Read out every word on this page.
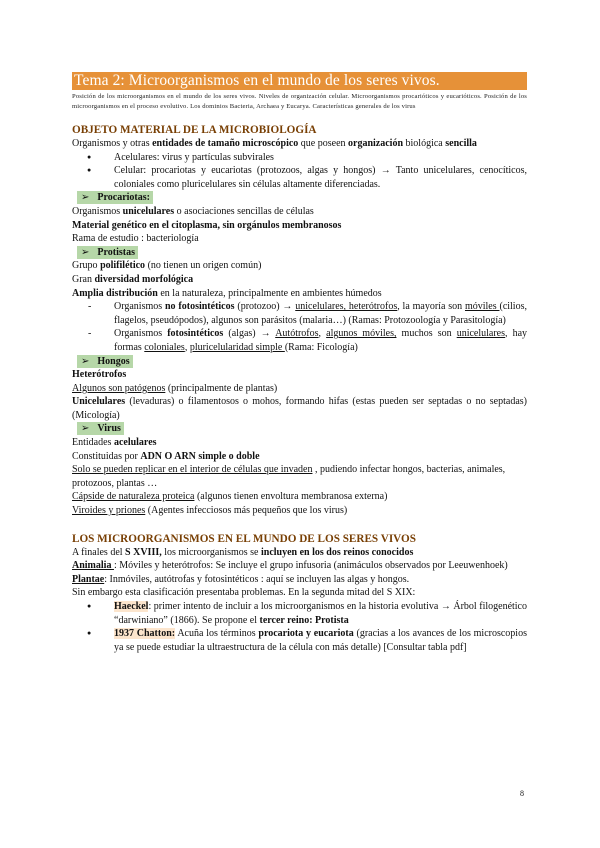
Tema 2: Microorganismos en el mundo de los seres vivos.
Posición de los microorganismos en el mundo de los seres vivos. Niveles de organización celular. Microorganismos procarióticos y eucarióticos. Posición de los microorganismos en el proceso evolutivo. Los dominios Bacteria, Archaea y Eucarya. Características generales de los virus
OBJETO MATERIAL DE LA MICROBIOLOGÍA
Organismos y otras entidades de tamaño microscópico que poseen organización biológica sencilla
● Acelulares: virus y partículas subvirales
● Celular: procariotas y eucariotas (protozoos, algas y hongos) → Tanto unicelulares, cenocíticos, coloniales como pluricelulares sin células altamente diferenciadas.
➢ Procariotas:
Organismos unicelulares o asociaciones sencillas de células
Material genético en el citoplasma, sin orgánulos membranosos
Rama de estudio : bacteriología
➢ Protistas
Grupo polifilético (no tienen un origen común)
Gran diversidad morfológica
Amplia distribución en la naturaleza, principalmente en ambientes húmedos
- Organismos no fotosintéticos (protozoo) → unicelulares, heterótrofos, la mayoría son móviles (cilios, flagelos, pseudópodos), algunos son parásitos (malaria…) (Ramas: Protozoología y Parasitología)
- Organismos fotosintéticos (algas) → Autótrofos, algunos móviles, muchos son unicelulares, hay formas coloniales, pluricelularidad simple (Rama: Ficología)
➢ Hongos
Heterótrofos
Algunos son patógenos (principalmente de plantas)
Unicelulares (levaduras) o filamentosos o mohos, formando hifas (estas pueden ser septadas o no septadas) (Micología)
➢ Virus
Entidades acelulares
Constituidas por ADN O ARN simple o doble
Solo se pueden replicar en el interior de células que invaden , pudiendo infectar hongos, bacterias, animales, protozoos, plantas …
Cápside de naturaleza proteica (algunos tienen envoltura membranosa externa)
Viroides y priones (Agentes infecciosos más pequeños que los virus)
LOS MICROORGANISMOS EN EL MUNDO DE LOS SERES VIVOS
A finales del S XVIII, los microorganismos se incluyen en los dos reinos conocidos
Animalia : Móviles y heterótrofos: Se incluye el grupo infusoria (animáculos observados por Leeuwenhoek)
Plantae: Inmóviles, autótrofas y fotosintéticos : aquí se incluyen las algas y hongos.
Sin embargo esta clasificación presentaba problemas. En la segunda mitad del S XIX:
● Haeckel: primer intento de incluir a los microorganismos en la historia evolutiva → Árbol filogenético “darwiniano” (1866). Se propone el tercer reino: Protista
● 1937 Chatton: Acuña los términos procariota y eucariota (gracias a los avances de los microscopios ya se puede estudiar la ultraestructura de la célula con más detalle) [Consultar tabla pdf]
8
